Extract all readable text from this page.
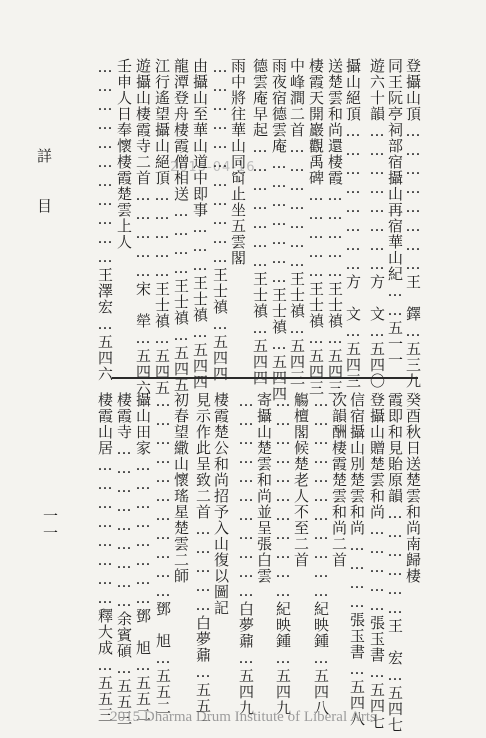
2015-04-16
詳　目	登攝山頂……………………王　鐸…五三九
同王阮亭祠部宿攝山再宿華山紀……五一一
遊六十韻……………………方　文…五四〇
攝山絕頂……………………方　文…五四三
送楚雲和尚還棲霞……………王士禛…五四三
棲霞天開巖觀禹碑……………王士禛…五四三
中峰澗二首…………………王士禛…五四三
雨夜宿德雲庵…………………王士禛…五四四
德雲庵早起…………………王士禛…五四四
雨中將往華山同䆗止坐五雲閣
……………………………王士禛…五四四
由攝山至華山道中即事………王士禛…五四四
龍潭登舟棲霞僧相送…………王士禛…五四五
江行遙望攝山絕頂……………王士禛…五四五
遊攝山棲霞寺二首……………宋　犖…五四六
壬申人日奉懷棲霞楚雲上人
……………………………王澤宏…五四六
癸酉秋日送楚雲和尚南歸棲
霞即和見貽原韻………………王　宏…五四七
登攝山贈楚雲和尚……………張玉書…五四七
信宿攝山別楚雲和尚…………張玉書…五四八
次韻酬棲霞楚雲和尚二首
……………………………紀映鍾…五四八
觴檀閣候楚老人不至二首
……………………………紀映鍾…五四九
寄攝山楚雲和尚並呈張白雲
……………………………白夢鼐…五四九
棲霞楚公和尚招予入山復以圖記
見示作此呈致二首……………白夢鼐…五五一
初春望繖山懷瑤星楚雲二師
……………………………鄧　旭…五五二
攝山田家……………………鄧　旭…五五二
棲霞寺………………………余賓碩…五五三
棲霞山居……………………釋大成…五五三
一一
2015 Dharma Drum Institute of Liberal Arts
